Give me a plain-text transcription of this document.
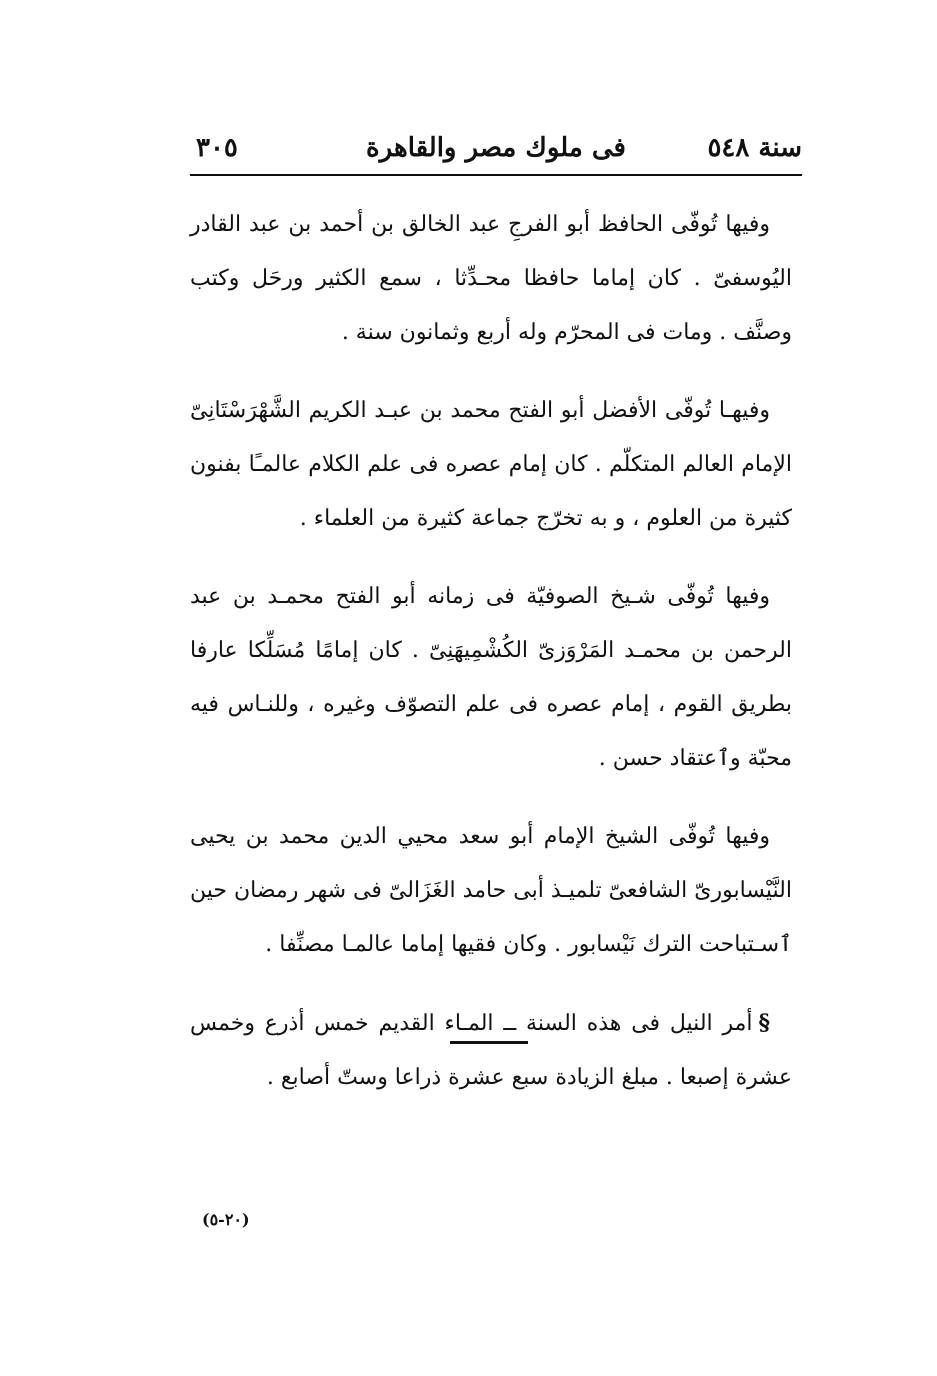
سنة ٥٤٨
فى ملوك مصر والقاهرة
٣٠٥

وفيها تُوفّى الحافظ أبو الفرجِ عبد الخالق بن أحمد بن عبد القادر اليُوسفىّ . كان إماما حافظا محـدِّثا ، سمع الكثير ورحَل وكتب وصنَّف . ومات فى المحرّم وله أربع وثمانون سنة .

وفيهـا تُوفّى الأفضل أبو الفتح محمد بن عبـد الكريم الشَّهْرَسْتَانِىّ الإمام العالم المتكلّم . كان إمام عصره فى علم الكلام عالمـًا بفنون كثيرة من العلوم ، و به تخرّج جماعة كثيرة من العلماء .

وفيها تُوفّى شـيخ الصوفيّة فى زمانه أبو الفتح محمـد بن عبد الرحمن بن محمـد المَرْوَزىّ الكُشْمِيهَنِىّ . كان إمامًا مُسَلِّكا عارفا بطريق القوم ، إمام عصره فى علم التصوّف وغيره ، وللنـاس فيه محبّة وٱعتقاد حسن .

وفيها تُوفّى الشيخ الإمام أبو سعد محيي الدين محمد بن يحيى النَّيْسابورىّ الشافعىّ تلميـذ أبى حامد الغَزَالىّ فى شهر رمضان حين ٱسـتباحت الترك نَيْسابور . وكان فقيها إماما عالمـا مصنِّفا .

§أمر النيل فى هذه السنة ــ المـاء القديم خمس أذرع وخمس عشرة إصبعا . مبلغ الزيادة سبع عشرة ذراعا وستّ أصابع .

(٢٠-٥)
